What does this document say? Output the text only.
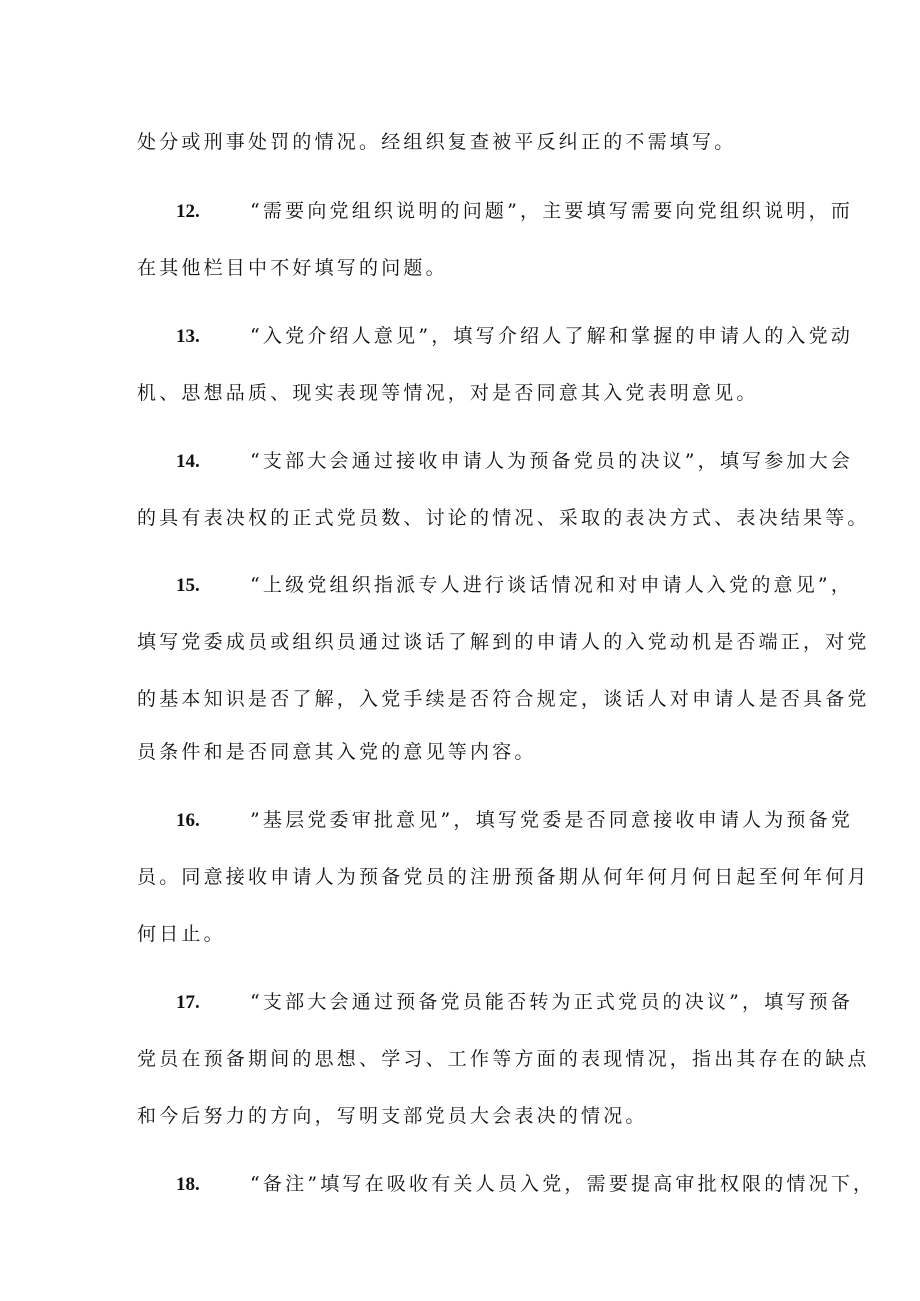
处分或刑事处罚的情况。经组织复查被平反纠正的不需填写。
12.	“需要向党组织说明的问题”，主要填写需要向党组织说明，而
在其他栏目中不好填写的问题。
13.	“入党介绍人意见”，填写介绍人了解和掌握的申请人的入党动
机、思想品质、现实表现等情况，对是否同意其入党表明意见。
14.	“支部大会通过接收申请人为预备党员的决议”，填写参加大会
的具有表决权的正式党员数、讨论的情况、采取的表决方式、表决结果等。
15.	“上级党组织指派专人进行谈话情况和对申请人入党的意见”，
填写党委成员或组织员通过谈话了解到的申请人的入党动机是否端正，对党
的基本知识是否了解，入党手续是否符合规定，谈话人对申请人是否具备党
员条件和是否同意其入党的意见等内容。
16.	”基层党委审批意见”，填写党委是否同意接收申请人为预备党
员。同意接收申请人为预备党员的注册预备期从何年何月何日起至何年何月
何日止。
17.	“支部大会通过预备党员能否转为正式党员的决议”，填写预备
党员在预备期间的思想、学习、工作等方面的表现情况，指出其存在的缺点
和今后努力的方向，写明支部党员大会表决的情况。
18.	“备注”填写在吸收有关人员入党，需要提高审批权限的情况下，
